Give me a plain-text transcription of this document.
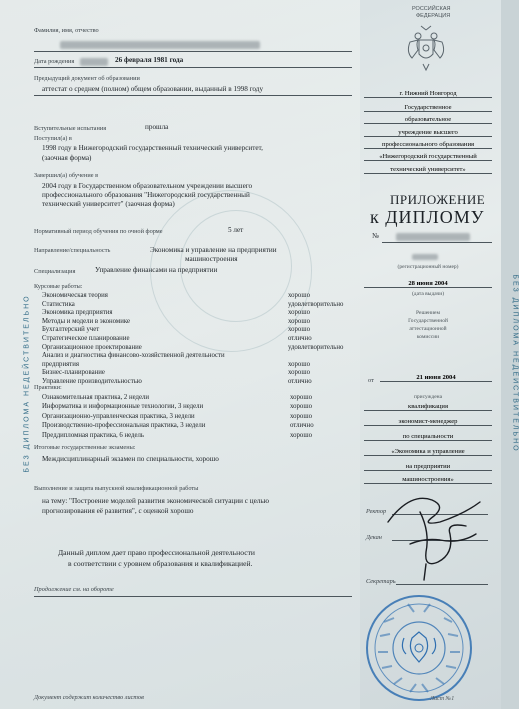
БЕЗ ДИПЛОМА НЕДЕЙСТВИТЕЛЬНО	БЕЗ ДИПЛОМА НЕДЕЙСТВИТЕЛЬНО
Фамилия, имя, отчество
Дата рождения	26 февраля 1981 года
Предыдущий документ об образовании
аттестат о среднем (полном) общем образовании, выданный в 1998 году
Вступительные испытания	прошла
Поступил(а) в
1998 году в Нижегородский государственный технический университет,
(заочная форма)
Завершил(а) обучение в
2004 году в Государственном образовательном учреждении высшего
профессионального образования "Нижегородский государственный
технический университет" (заочная форма)
Нормативный период обучения по очной форме	5 лет
Направление/специальность	Экономика и управление на предприятии
машиностроения
Специализация	Управление финансами на предприятии
Курсовые работы:
Экономическая теория	хорошо
Статистика	удовлетворительно
Экономика предприятия	хорошо
Методы и модели в экономике	хорошо
Бухгалтерский учет	хорошо
Стратегическое планирование	отлично
Организационное проектирование	удовлетворительно
Анализ и диагностика финансово-хозяйственной деятельности
предприятия	хорошо
Бизнес-планирование	хорошо
Управление производительностью	отлично
Практики:
Ознакомительная практика, 2 недели	хорошо
Информатика и информационные технологии, 3 недели	хорошо
Организационно-управленческая практика, 3 недели	хорошо
Производственно-профессиональная практика, 3 недели	отлично
Преддипломная практика, 6 недель	хорошо
Итоговые государственные экзамены:
Междисциплинарный экзамен по специальности, хорошо
Выполнение и защита выпускной квалификационной работы
на тему: "Построение моделей развития экономической ситуации с целью
прогнозирования её развития", с оценкой хорошо
Данный диплом дает право профессиональной деятельности
в соответствии с уровнем образования и квалификацией.
Продолжение см. на обороте
Документ содержит количество листов
РОССИЙСКАЯ
ФЕДЕРАЦИЯ
г. Нижний Новгород
Государственное
образовательное
учреждение высшего
профессионального образования
«Нижегородский государственный
технический университет»
ПРИЛОЖЕНИЕ
к ДИПЛОМУ
№
(регистрационный номер)
28 июня 2004
(дата выдачи)
Решением
Государственной
аттестационной
комиссии
от	21 июня 2004
присуждена
квалификация
экономист-менеджер
по специальности
«Экономика и управление
на предприятии
машиностроения»
Ректор
Декан
Секретарь
Лист №1
